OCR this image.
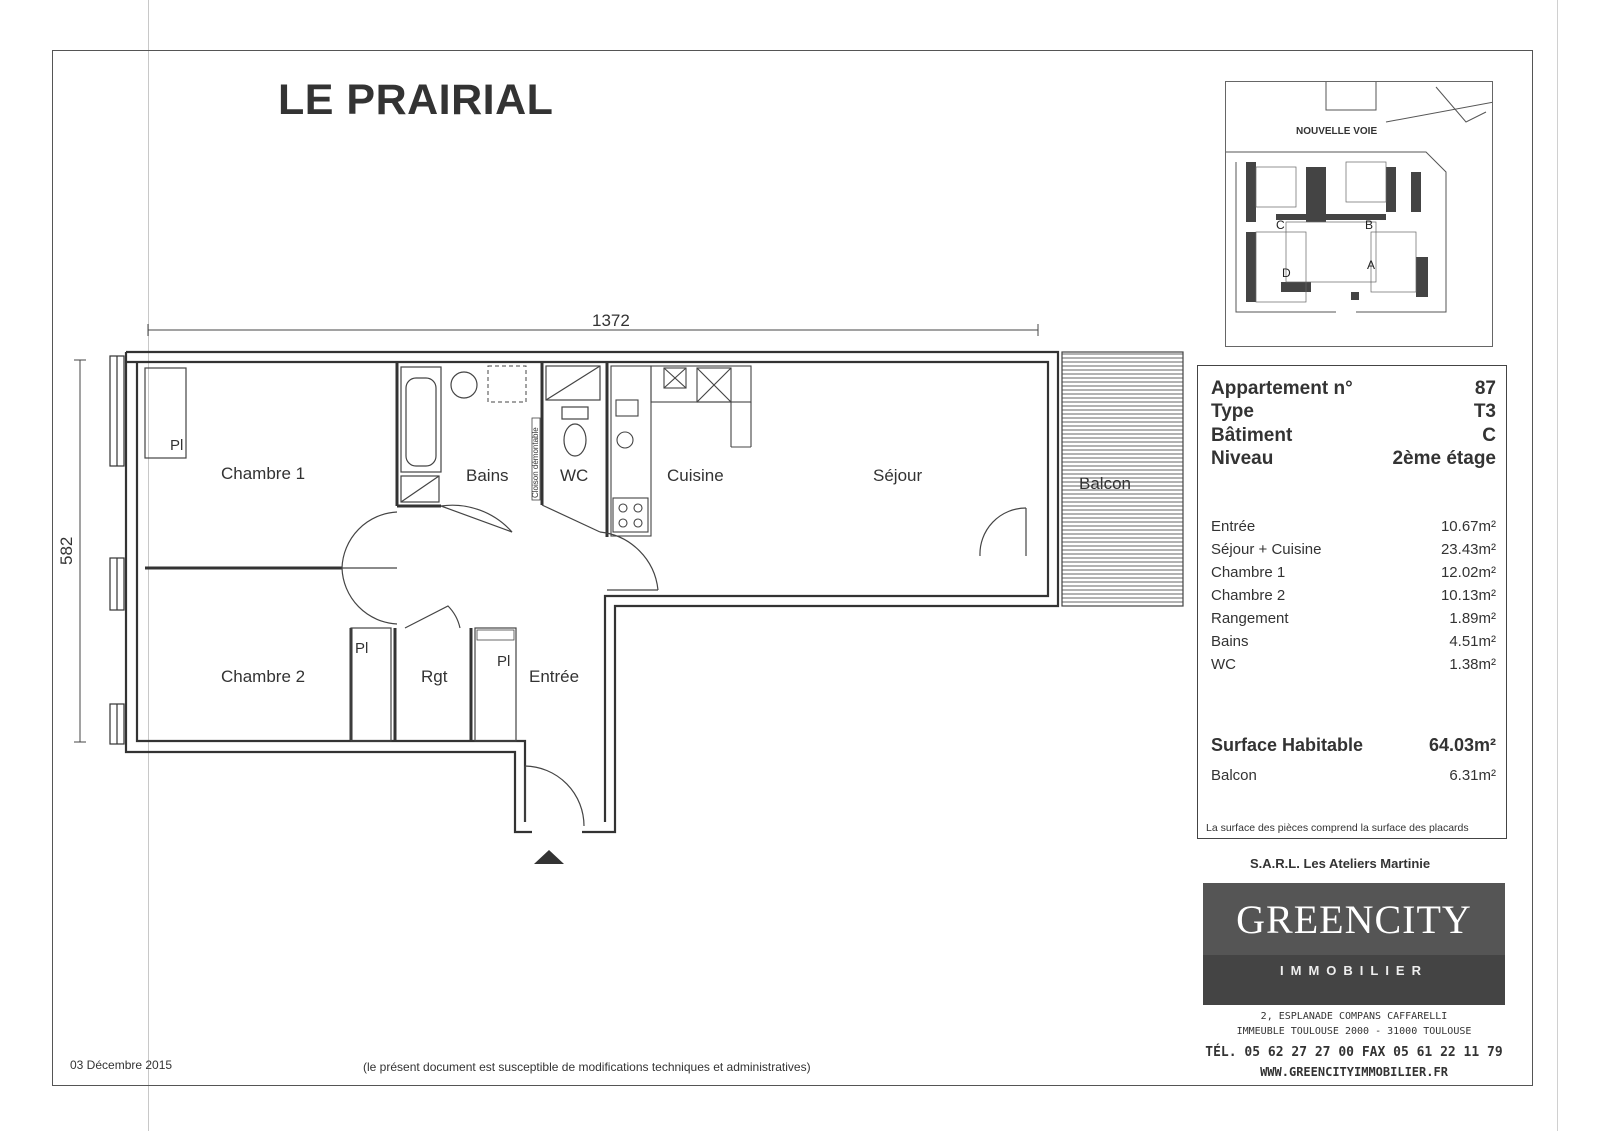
LE PRAIRIAL
1372
582
Pl	Cloison démontable
Pl
Pl
Chambre 1
Chambre 2
Bains	WC	Cuisine	Séjour	Balcon
Rgt	Entrée
NOUVELLE VOIE
C	B
D
A
Appartement n°	87
Type	T3
Bâtiment	C
Niveau	2ème étage
Entrée	10.67m²
Séjour + Cuisine	23.43m²
Chambre 1	12.02m²
Chambre 2	10.13m²
Rangement	1.89m²
Bains	4.51m²
WC	1.38m²
Surface Habitable	64.03m²
Balcon	6.31m²
La surface des pièces comprend la surface des placards
S.A.R.L. Les Ateliers Martinie
GREENCITY
IMMOBILIER
2, ESPLANADE COMPANS CAFFARELLI
IMMEUBLE TOULOUSE 2000 - 31000 TOULOUSE
TÉL. 05 62 27 27 00 FAX 05 61 22 11 79
WWW.GREENCITYIMMOBILIER.FR
03 Décembre 2015	(le présent document est susceptible de modifications techniques et administratives)
